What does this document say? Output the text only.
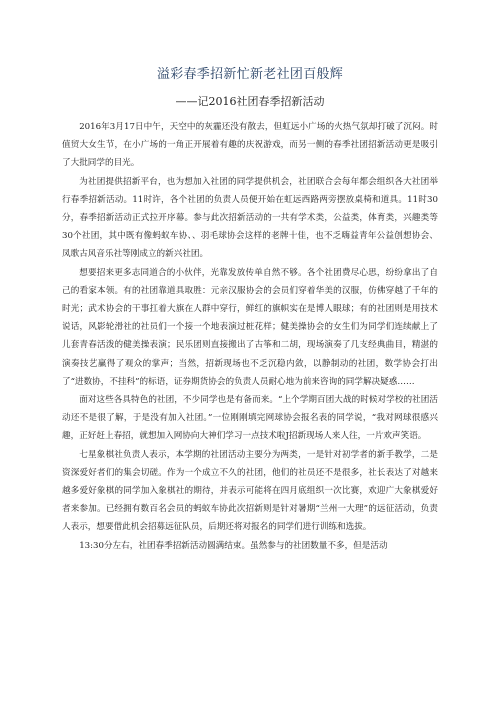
溢彩春季招新忙新老社团百般辉
——记2016社团春季招新活动

2016年3月17日中午，天空中的灰霾还没有散去，但虹远小广场的火热气氛却打破了沉闷。时值贸大女生节，在小广场的一角正开展着有趣的庆祝游戏，而另一侧的春季社团招新活动更是吸引了大批同学的目光。

为社团提供招新平台，也为想加入社团的同学提供机会，社团联合会每年都会组织各大社团举行春季招新活动。11时许，各个社团的负责人员便开始在虹远西路两旁摆放桌椅和道具。11时30分，春季招新活动正式拉开序幕。参与此次招新活动的一共有学术类，公益类，体育类，兴趣类等30个社团，其中既有像蚂蚁车协、、羽毛球协会这样的老牌十佳，也不乏嗨益青年公益创想协会、凤歌古风音乐社等刚成立的新兴社团。

想要招来更多志同道合的小伙伴，光靠发放传单自然不够。各个社团费尽心思，纷纷拿出了自己的看家本领。有的社团靠道具取胜：元亲汉服协会的会员们穿着华美的汉服，仿佛穿越了千年的时光；武术协会的干事扛着大旗在人群中穿行，鲜红的旗帜实在是博人眼球；有的社团则是用技术说话，风影轮滑社的社员们一个接一个地表演过桩花样；健美操协会的女生们为同学们连续献上了儿套青春活泼的健美操表演；民乐团则直接搬出了古筝和二胡，现场演奏了几支经典曲目，精湛的演奏技艺赢得了观众的掌声；当然，招新现场也不乏沉稳内敛，以静制动的社团，数学协会打出了“进数协，不挂科”的标语，证券期货协会的负责人员耐心地为前来咨询的同学解决疑惑……

面对这些各具特色的社团，不少同学也是有备而来。“上个学期百团大战的时候对学校的社团活动还不是很了解，于是没有加入社团。”一位刚刚填完网球协会报名表的同学说，“我对网球很感兴趣，正好赶上春招，就想加入网协向大神们学习一点技术啦J招新现场人来人往，一片欢声笑语。

七星象棋社负责人表示，本学期的社团活动主要分为两类，一是针对初学者的新手教学，二是资深爱好者们的集会切磋。作为一个成立不久的社团，他们的社员还不是很多，社长表达了对越来越多爱好象棋的同学加入象棋社的期待，并表示可能将在四月底组织一次比赛，欢迎广大象棋爱好者来参加。已经拥有数百名会员的蚂蚁车协此次招新则是针对暑期“兰州一大理”的远征活动，负责人表示，想要借此机会招募远征队员，后期还将对报名的同学们进行训练和选拔。

13:30分左右，社团春季招新活动圆满结束。虽然参与的社团数量不多，但是活动
